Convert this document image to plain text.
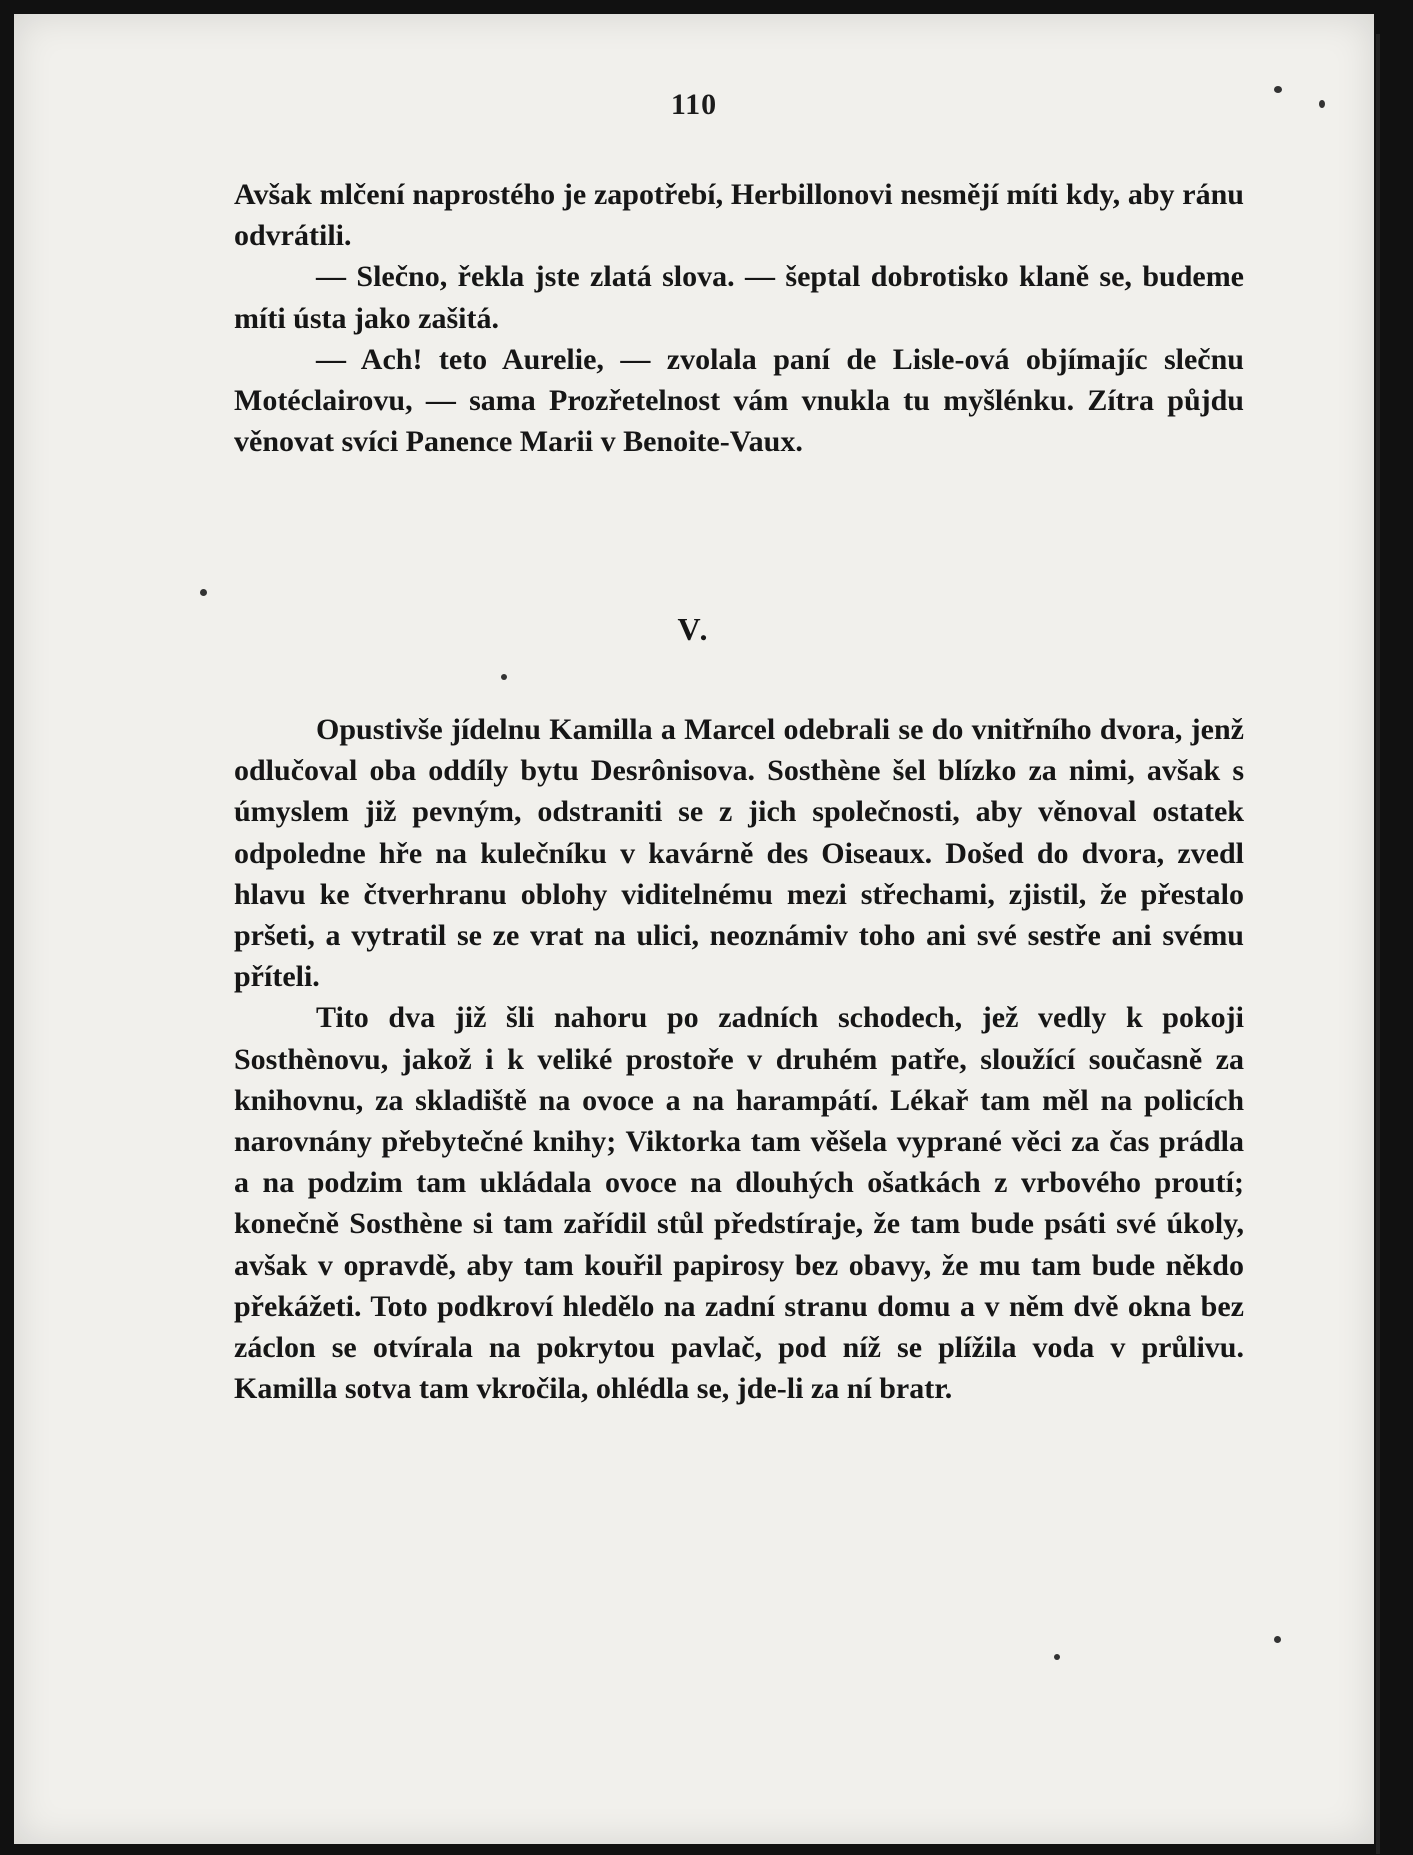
110

Avšak mlčení naprostého je zapotřebí, Herbillonovi nesmějí míti kdy, aby ránu odvrátili.

— Slečno, řekla jste zlatá slova. — šeptal dobrotisko klaně se, budeme míti ústa jako zašitá.

— Ach! teto Aurelie, — zvolala paní de Lisle-ová objímajíc slečnu Motéclairovu, — sama Prozřetelnost vám vnukla tu myšlénku. Zítra půjdu věnovat svíci Panence Marii v Benoite-Vaux.

V.

Opustivše jídelnu Kamilla a Marcel odebrali se do vnitřního dvora, jenž odlučoval oba oddíly bytu Desrônisova. Sosthène šel blízko za nimi, avšak s úmyslem již pevným, odstraniti se z jich společnosti, aby věnoval ostatek odpoledne hře na kulečníku v kavárně des Oiseaux. Došed do dvora, zvedl hlavu ke čtverhranu oblohy viditelnému mezi střechami, zjistil, že přestalo pršeti, a vytratil se ze vrat na ulici, neoznámiv toho ani své sestře ani svému příteli.

Tito dva již šli nahoru po zadních schodech, jež vedly k pokoji Sosthènovu, jakož i k veliké prostoře v druhém patře, sloužící současně za knihovnu, za skladiště na ovoce a na harampátí. Lékař tam měl na policích narovnány přebytečné knihy; Viktorka tam věšela vyprané věci za čas prádla a na podzim tam ukládala ovoce na dlouhých ošatkách z vrbového proutí; konečně Sosthène si tam zařídil stůl předstíraje, že tam bude psáti své úkoly, avšak v opravdě, aby tam kouřil papirosy bez obavy, že mu tam bude někdo překážeti. Toto podkroví hledělo na zadní stranu domu a v něm dvě okna bez záclon se otvírala na pokrytou pavlač, pod níž se plížila voda v průlivu. Kamilla sotva tam vkročila, ohlédla se, jde-li za ní bratr.
